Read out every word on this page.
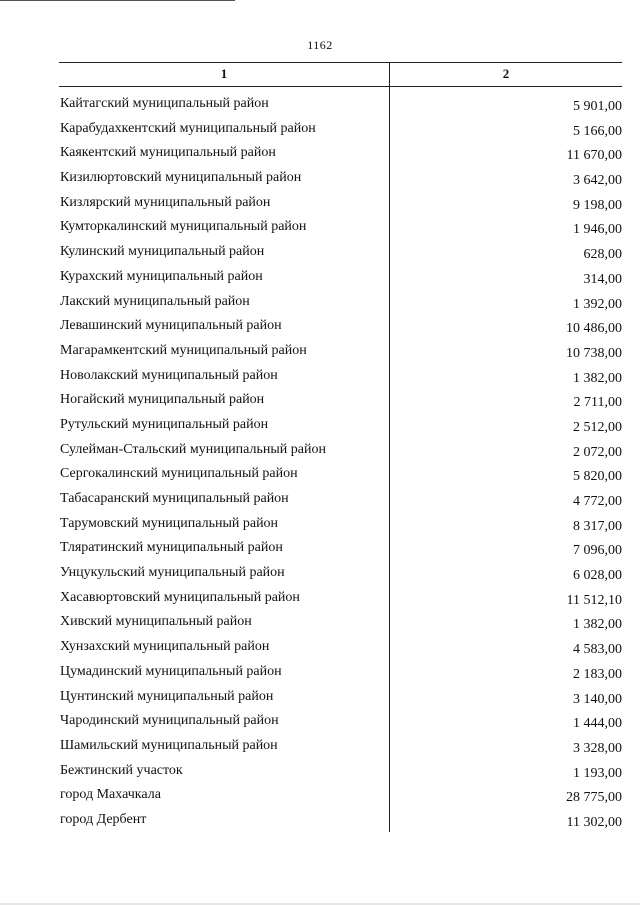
1162
1	2
Кайтагский муниципальный район	5 901,00
Карабудахкентский муниципальный район	5 166,00
Каякентский муниципальный район	11 670,00
Кизилюртовский муниципальный район	3 642,00
Кизлярский муниципальный район	9 198,00
Кумторкалинский муниципальный район	1 946,00
Кулинский муниципальный район	628,00
Курахский муниципальный район	314,00
Лакский муниципальный район	1 392,00
Левашинский муниципальный район	10 486,00
Магарамкентский муниципальный район	10 738,00
Новолакский муниципальный район	1 382,00
Ногайский муниципальный район	2 711,00
Рутульский муниципальный район	2 512,00
Сулейман-Стальский муниципальный район	2 072,00
Сергокалинский муниципальный район	5 820,00
Табасаранский муниципальный район	4 772,00
Тарумовский муниципальный район	8 317,00
Тляратинский муниципальный район	7 096,00
Унцукульский муниципальный район	6 028,00
Хасавюртовский муниципальный район	11 512,10
Хивский муниципальный район	1 382,00
Хунзахский муниципальный район	4 583,00
Цумадинский муниципальный район	2 183,00
Цунтинский муниципальный район	3 140,00
Чародинский муниципальный район	1 444,00
Шамильский муниципальный район	3 328,00
Бежтинский участок	1 193,00
город Махачкала	28 775,00
город Дербент	11 302,00
